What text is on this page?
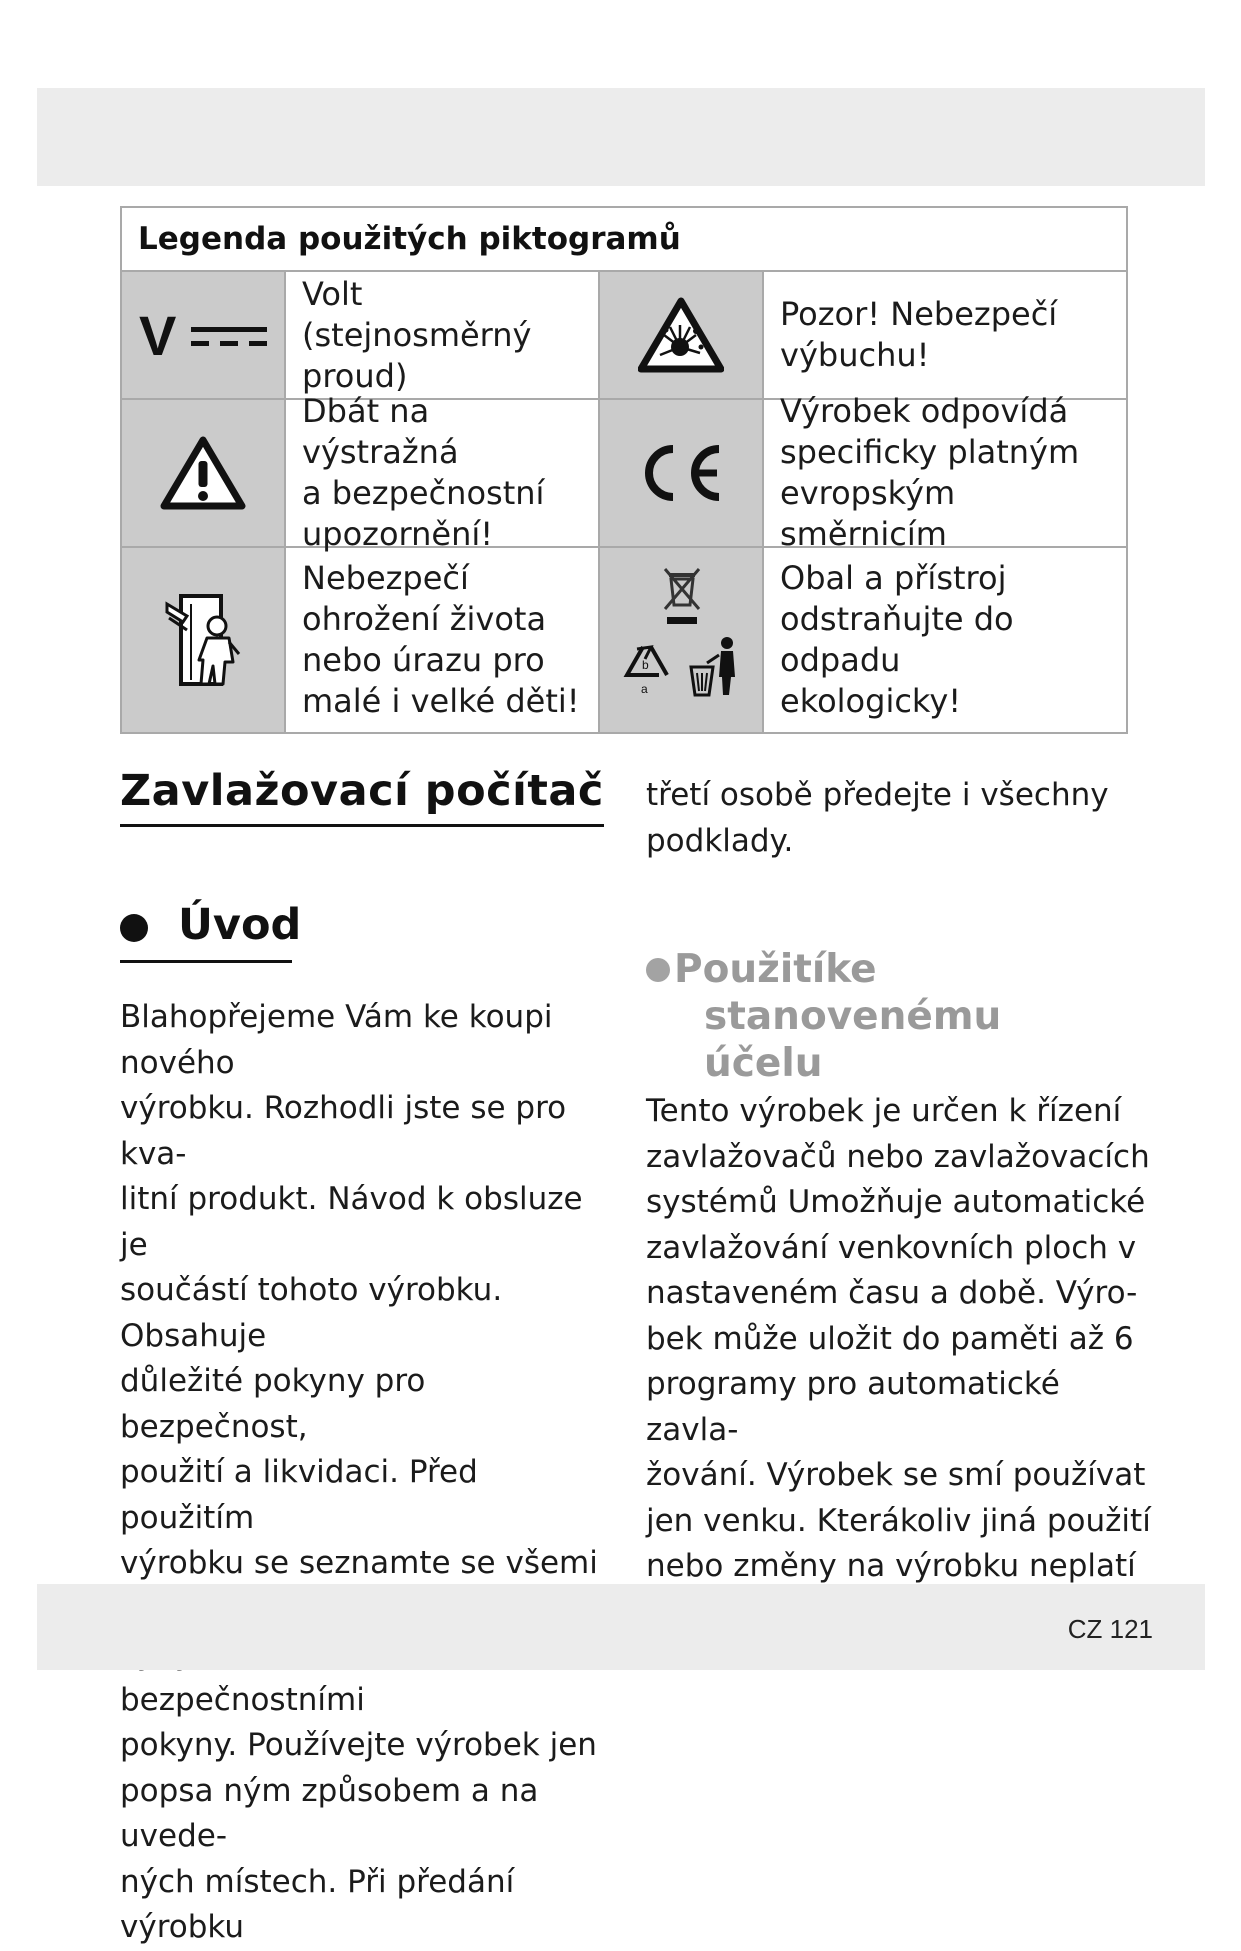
Legenda použitých piktogramů
V
Volt (stejnosměrný
proud)
Pozor! Nebezpečí
výbuchu!
Dbát na výstražná
a bezpečnostní
upozornění!
Výrobek odpovídá
specificky platným
evropským směrnicím
Nebezpečí
ohrožení života
nebo úrazu pro
malé i velké děti!
b
a
Obal a přístroj
odstraňujte do odpadu
ekologicky!
Zavlažovací počítač
Úvod

Blahopřejeme Vám ke koupi nového

výrobku. Rozhodli jste se pro kva-

litní produkt. Návod k obsluze je

součástí tohoto výrobku. Obsahuje

důležité pokyny pro bezpečnost,

použití a likvidaci. Před použitím

výrobku se seznamte se všemi

bezpečnostními

pokyny. Používejte výrobek jen

popsa ným způsobem a na uvede-

ných místech. Při předání výrobku

třetí osobě předejte i všechny

podklady.

Použitíke
stanovenému účelu

Tento výrobek je určen k řízení

zavlažovačů nebo zavlažovacích

systémů Umožňuje automatické

zavlažování venkovních ploch v

nastaveném času a době. Výro-

bek může uložit do paměti až 6

programy pro automatické zavla-

žování. Výrobek se smí používat

jen venku. Kterákoliv jiná použití

nebo změny na výrobku neplatí

CZ 121
